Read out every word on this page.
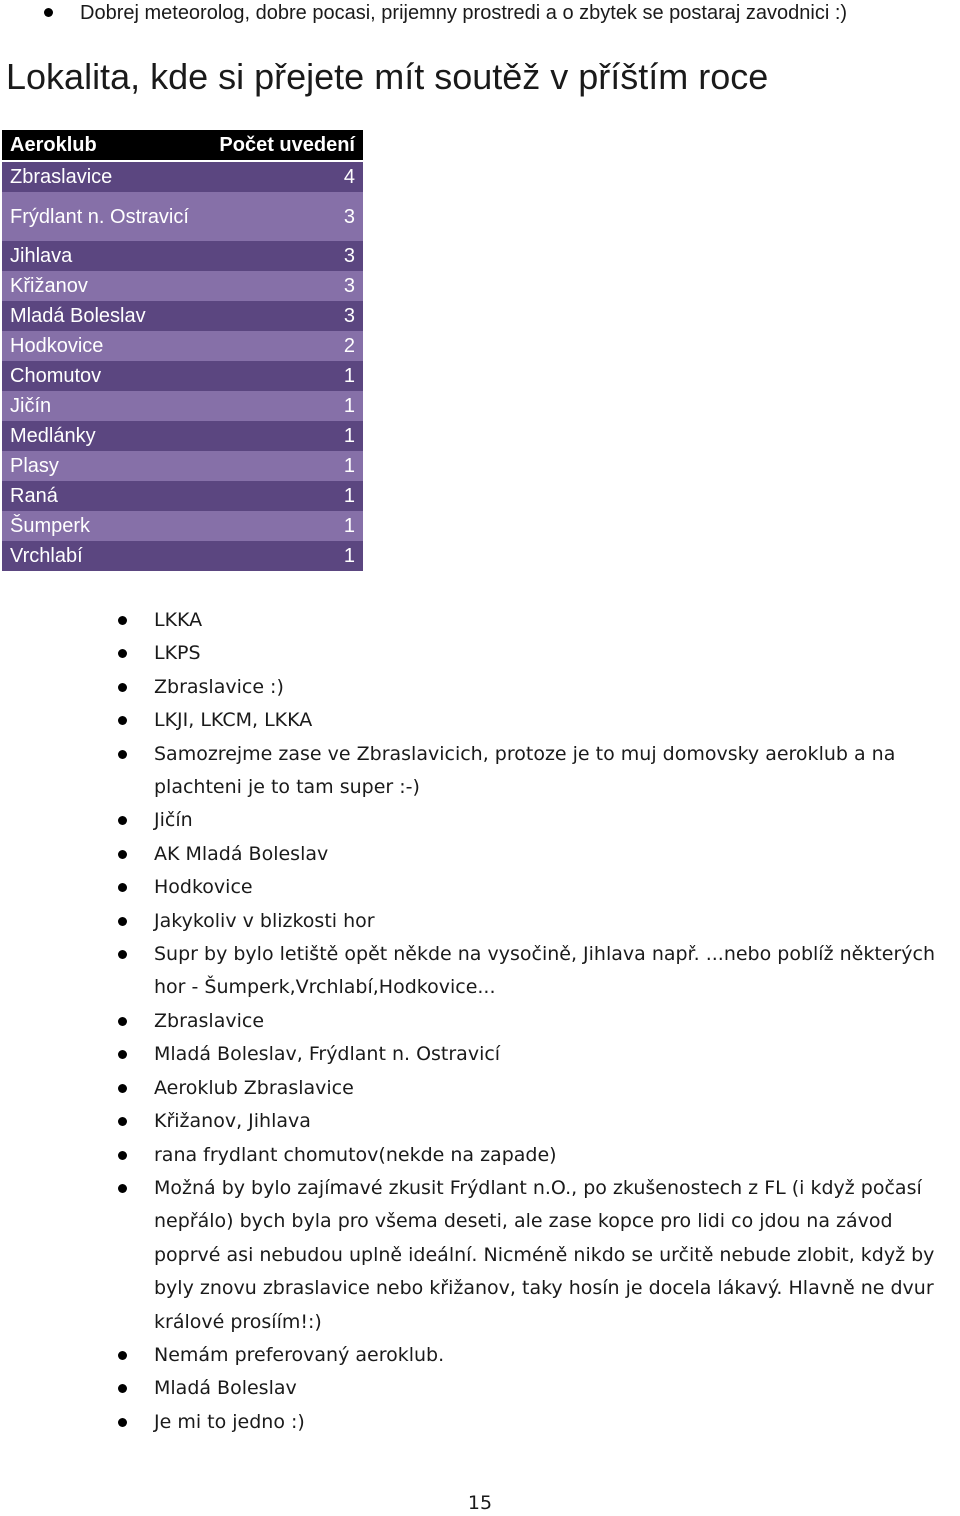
Dobrej meteorolog, dobre pocasi, prijemny prostredi a o zbytek se postaraj zavodnici :)
Lokalita, kde si přejete mít soutěž v příštím roce
Aeroklub	Počet uvedení
Zbraslavice	4
Frýdlant n. Ostravicí	3
Jihlava	3
Křižanov	3
Mladá Boleslav	3
Hodkovice	2
Chomutov	1
Jičín	1
Medlánky	1
Plasy	1
Raná	1
Šumperk	1
Vrchlabí	1
LKKA
LKPS
Zbraslavice :)
LKJI, LKCM, LKKA
Samozrejme zase ve Zbraslavicich, protoze je to muj domovsky aeroklub a na plachteni je to tam super :-)
Jičín
AK Mladá Boleslav
Hodkovice
Jakykoliv v blizkosti hor
Supr by bylo letiště opět někde na vysočině, Jihlava např. ...nebo poblíž některých hor - Šumperk,Vrchlabí,Hodkovice...
Zbraslavice
Mladá Boleslav, Frýdlant n. Ostravicí
Aeroklub Zbraslavice
Křižanov, Jihlava
rana frydlant chomutov(nekde na zapade)
Možná by bylo zajímavé zkusit Frýdlant n.O., po zkušenostech z FL (i když počasí nepřálo) bych byla pro všema deseti, ale zase kopce pro lidi co jdou na závod poprvé asi nebudou uplně ideální. Nicméně nikdo se určitě nebude zlobit, když by byly znovu zbraslavice nebo křižanov, taky hosín je docela lákavý. Hlavně ne dvur králové prosíím!:)
Nemám preferovaný aeroklub.
Mladá Boleslav
Je mi to jedno :)
15
